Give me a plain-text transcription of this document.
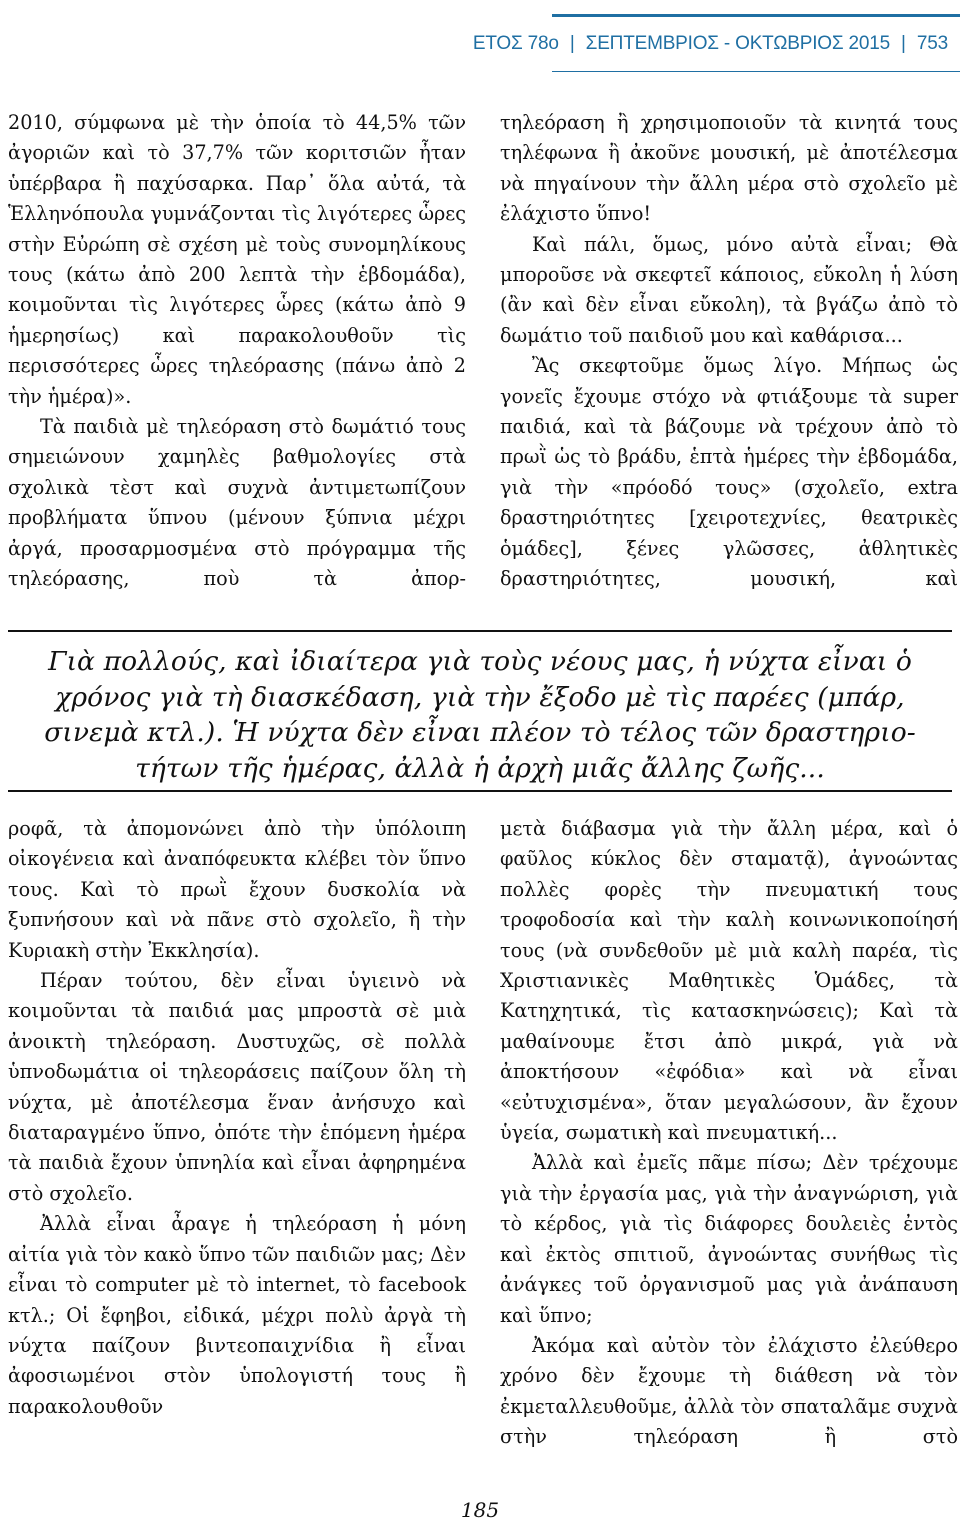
ΕΤΟΣ 78ο | ΣΕΠΤΕΜΒΡΙΟΣ - ΟΚΤΩΒΡΙΟΣ 2015 | 753

2010, σύμφωνα μὲ τὴν ὁποία τὸ 44,5% τῶν ἀγοριῶν καὶ τὸ 37,7% τῶν κοριτσιῶν ἦταν ὑπέρβαρα ἢ παχύσαρκα. Παρ᾽ ὅλα αὐτά, τὰ Ἑλληνόπουλα γυμνάζονται τὶς λιγότερες ὧρες στὴν Εὐρώπη σὲ σχέση μὲ τοὺς συνομηλίκους τους (κάτω ἀπὸ 200 λεπτὰ τὴν ἑβδομάδα), κοιμοῦνται τὶς λιγότερες ὧρες (κάτω ἀπὸ 9 ἡμερησίως) καὶ παρακολουθοῦν τὶς περισσότερες ὧρες τηλεόρασης (πάνω ἀπὸ 2 τὴν ἡμέρα)».

Τὰ παιδιὰ μὲ τηλεόραση στὸ δωμάτιό τους σημειώνουν χαμηλὲς βαθμολογίες στὰ σχολικὰ τὲστ καὶ συχνὰ ἀντιμετωπίζουν προβλήματα ὕπνου (μένουν ξύπνια μέχρι ἀργά, προσαρμοσμένα στὸ πρόγραμμα τῆς τηλεόρασης, ποὺ τὰ ἀπορ-

τηλεόραση ἢ χρησιμοποιοῦν τὰ κινητά τους τηλέφωνα ἢ ἀκοῦνε μουσική, μὲ ἀποτέλεσμα νὰ πηγαίνουν τὴν ἄλλη μέρα στὸ σχολεῖο μὲ ἐλάχιστο ὕπνο!

Καὶ πάλι, ὅμως, μόνο αὐτὰ εἶναι; Θὰ μποροῦσε νὰ σκεφτεῖ κάποιος, εὔκολη ἡ λύση (ἂν καὶ δὲν εἶναι εὔκολη), τὰ βγάζω ἀπὸ τὸ δωμάτιο τοῦ παιδιοῦ μου καὶ καθάρισα...

Ἂς σκεφτοῦμε ὅμως λίγο. Μήπως ὡς γονεῖς ἔχουμε στόχο νὰ φτιάξουμε τὰ super παιδιά, καὶ τὰ βάζουμε νὰ τρέχουν ἀπὸ τὸ πρωῒ ὡς τὸ βράδυ, ἑπτὰ ἡμέρες τὴν ἑβδομάδα, γιὰ τὴν «πρόοδό τους» (σχολεῖο, extra δραστηριότητες [χειροτεχνίες, θεατρικὲς ὁμάδες], ξένες γλῶσσες, ἀθλητικὲς δραστηριότητες, μουσική, καὶ

Γιὰ πολλούς, καὶ ἰδιαίτερα γιὰ τοὺς νέους μας, ἡ νύχτα εἶναι ὁ
χρόνος γιὰ τὴ διασκέδαση, γιὰ τὴν ἔξοδο μὲ τὶς παρέες (μπάρ,
σινεμὰ κτλ.). Ἡ νύχτα δὲν εἶναι πλέον τὸ τέλος τῶν δραστηριο-
τήτων τῆς ἡμέρας, ἀλλὰ ἡ ἀρχὴ μιᾶς ἄλλης ζωῆς...

ροφᾶ, τὰ ἀπομονώνει ἀπὸ τὴν ὑπόλοιπη οἰκογένεια καὶ ἀναπόφευκτα κλέβει τὸν ὕπνο τους. Καὶ τὸ πρωῒ ἔχουν δυσκολία νὰ ξυπνήσουν καὶ νὰ πᾶνε στὸ σχολεῖο, ἢ τὴν Κυριακὴ στὴν Ἐκκλησία).

Πέραν τούτου, δὲν εἶναι ὑγιεινὸ νὰ κοιμοῦνται τὰ παιδιά μας μπροστὰ σὲ μιὰ ἀνοικτὴ τηλεόραση. Δυστυχῶς, σὲ πολλὰ ὑπνοδωμάτια οἱ τηλεοράσεις παίζουν ὅλη τὴ νύχτα, μὲ ἀποτέλεσμα ἕναν ἀνήσυχο καὶ διαταραγμένο ὕπνο, ὁπότε τὴν ἑπόμενη ἡμέρα τὰ παιδιὰ ἔχουν ὑπνηλία καὶ εἶναι ἀφηρημένα στὸ σχολεῖο.

Ἀλλὰ εἶναι ἆραγε ἡ τηλεόραση ἡ μόνη αἰτία γιὰ τὸν κακὸ ὕπνο τῶν παιδιῶν μας; Δὲν εἶναι τὸ computer μὲ τὸ internet, τὸ facebook κτλ.; Οἱ ἔφηβοι, εἰδικά, μέχρι πολὺ ἀργὰ τὴ νύχτα παίζουν βιντεοπαιχνίδια ἢ εἶναι ἀφοσιωμένοι στὸν ὑπολογιστή τους ἢ παρακολουθοῦν

μετὰ διάβασμα γιὰ τὴν ἄλλη μέρα, καὶ ὁ φαῦλος κύκλος δὲν σταματᾷ), ἀγνοώντας πολλὲς φορὲς τὴν πνευματική τους τροφοδοσία καὶ τὴν καλὴ κοινωνικοποίησή τους (νὰ συνδεθοῦν μὲ μιὰ καλὴ παρέα, τὶς Χριστιανικὲς Μαθητικὲς Ὁμάδες, τὰ Κατηχητικά, τὶς κατασκηνώσεις); Καὶ τὰ μαθαίνουμε ἔτσι ἀπὸ μικρά, γιὰ νὰ ἀποκτήσουν «ἐφόδια» καὶ νὰ εἶναι «εὐτυχισμένα», ὅταν μεγαλώσουν, ἂν ἔχουν ὑγεία, σωματικὴ καὶ πνευματική...

Ἀλλὰ καὶ ἐμεῖς πᾶμε πίσω; Δὲν τρέχουμε γιὰ τὴν ἐργασία μας, γιὰ τὴν ἀναγνώριση, γιὰ τὸ κέρδος, γιὰ τὶς διάφορες δουλειὲς ἐντὸς καὶ ἐκτὸς σπιτιοῦ, ἀγνοώντας συνήθως τὶς ἀνάγκες τοῦ ὀργανισμοῦ μας γιὰ ἀνάπαυση καὶ ὕπνο;

Ἀκόμα καὶ αὐτὸν τὸν ἐλάχιστο ἐλεύθερο χρόνο δὲν ἔχουμε τὴ διάθεση νὰ τὸν ἐκμεταλλευθοῦμε, ἀλλὰ τὸν σπαταλᾶμε συχνὰ στὴν τηλεόραση ἢ στὸ

185
